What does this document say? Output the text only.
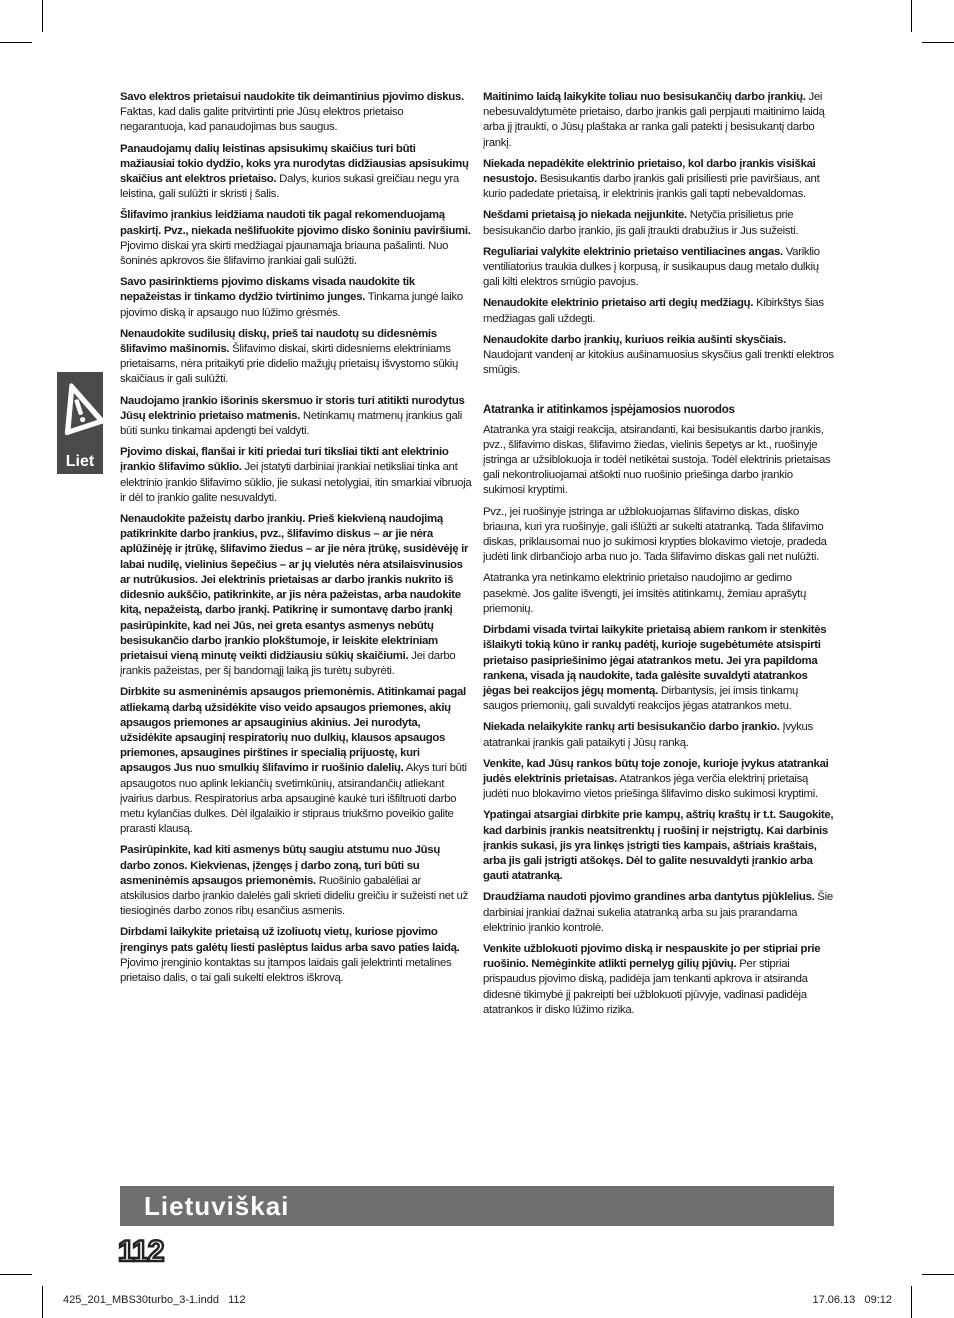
Savo elektros prietaisui naudokite tik deimantinius pjovimo diskus. Faktas, kad dalis galite pritvirtinti prie Jūsų elektros prietaiso negarantuoja, kad panaudojimas bus saugus.

Panaudojamų dalių leistinas apsisukimų skaičius turi būti mažiausiai tokio dydžio, koks yra nurodytas didžiausias apsisukimų skaičius ant elektros prietaiso. Dalys, kurios sukasi greičiau negu yra leistina, gali sulūžti ir skristi į šalis.

Šlifavimo įrankius leidžiama naudoti tik pagal rekomenduojamą paskirtį. Pvz., niekada nešlifuokite pjovimo disko šoniniu paviršiumi. Pjovimo diskai yra skirti medžiagai pjaunamąja briauna pašalinti. Nuo šoninės apkrovos šie šlifavimo įrankiai gali sulūžti.

Savo pasirinktiems pjovimo diskams visada naudokite tik nepažeistas ir tinkamo dydžio tvirtinimo junges. Tinkama jungė laiko pjovimo diską ir apsaugo nuo lūžimo grėsmės.

Nenaudokite sudilusių diskų, prieš tai naudotų su didesnėmis šlifavimo mašinomis. Šlifavimo diskai, skirti didesniems elektriniams prietaisams, nėra pritaikyti prie didelio mažųjų prietaisų išvystomo sūkių skaičiaus ir gali sulūžti.

Naudojamo įrankio išorinis skersmuo ir storis turi atitikti nurodytus Jūsų elektrinio prietaiso matmenis. Netinkamų matmenų įrankius gali būti sunku tinkamai apdengti bei valdyti.

Pjovimo diskai, flanšai ir kiti priedai turi tiksliai tikti ant elektrinio įrankio šlifavimo sūklio. Jei įstatyti darbiniai įrankiai netiksliai tinka ant elektrinio įrankio šlifavimo sūklio, jie sukasi netolygiai, itin smarkiai vibruoja ir dėl to įrankio galite nesuvaldyti.

Nenaudokite pažeistų darbo įrankių. Prieš kiekvieną naudojimą patikrinkite darbo įrankius, pvz., šlifavimo diskus – ar jie nėra aplūžinėję ir įtrūkę, šlifavimo žiedus – ar jie nėra įtrūkę, susidėvėję ir labai nudilę, vielinius šepečius – ar jų vielutės nėra atsilaisvinusios ar nutrūkusios. Jei elektrinis prietaisas ar darbo įrankis nukrito iš didesnio aukščio, patikrinkite, ar jis nėra pažeistas, arba naudokite kitą, nepažeistą, darbo įrankį. Patikrinę ir sumontavę darbo įrankį pasirūpinkite, kad nei Jūs, nei greta esantys asmenys nebūtų besisukančio darbo įrankio plokštumoje, ir leiskite elektriniam prietaisui vieną minutę veikti didžiausiu sūkių skaičiumi. Jei darbo įrankis pažeistas, per šį bandomąjį laiką jis turėtų subyrėti.

Dirbkite su asmeninėmis apsaugos priemonėmis. Atitinkamai pagal atliekamą darbą užsidėkite viso veido apsaugos priemones, akių apsaugos priemones ar apsauginius akinius. Jei nurodyta, užsidėkite apsauginį respiratorių nuo dulkių, klausos apsaugos priemones, apsaugines pirštines ir specialią prijuostę, kuri apsaugos Jus nuo smulkių šlifavimo ir ruošinio dalelių. Akys turi būti apsaugotos nuo aplink lekiančių svetimkūnių, atsirandančių atliekant įvairius darbus. Respiratorius arba apsauginė kaukė turi išfiltruoti darbo metu kylančias dulkes. Dėl ilgalaikio ir stipraus triukšmo poveikio galite prarasti klausą.

Pasirūpinkite, kad kiti asmenys būtų saugiu atstumu nuo Jūsų darbo zonos. Kiekvienas, įžengęs į darbo zoną, turi būti su asmeninėmis apsaugos priemonėmis. Ruošinio gabalėliai ar atskilusios darbo įrankio dalelės gali skrieti dideliu greičiu ir sužeisti net už tiesioginės darbo zonos ribų esančius asmenis.

Dirbdami laikykite prietaisą už izoliuotų vietų, kuriose pjovimo įrenginys pats galėtų liesti paslėptus laidus arba savo paties laidą. Pjovimo įrenginio kontaktas su įtampos laidais gali įelektrinti metalines prietaiso dalis, o tai gali sukelti elektros iškrovą.

Maitinimo laidą laikykite toliau nuo besisukančių darbo įrankių. Jei nebesuvaldytumėte prietaiso, darbo įrankis gali perpjauti maitinimo laidą arba jį įtraukti, o Jūsų plaštaka ar ranka gali patekti į besisukantį darbo įrankį.

Niekada nepadėkite elektrinio prietaiso, kol darbo įrankis visiškai nesustojo. Besisukantis darbo įrankis gali prisiliesti prie paviršiaus, ant kurio padedate prietaisą, ir elektrinis įrankis gali tapti nebevaldomas.

Nešdami prietaisą jo niekada neįjunkite. Netyčia prisilietus prie besisukančio darbo įrankio, jis gali įtraukti drabužius ir Jus sužeisti.

Reguliariai valykite elektrinio prietaiso ventiliacines angas. Variklio ventiliatorius traukia dulkes į korpusą, ir susikaupus daug metalo dulkių gali kilti elektros smūgio pavojus.

Nenaudokite elektrinio prietaiso arti degių medžiagų. Kibirkštys šias medžiagas gali uždegti.

Nenaudokite darbo įrankių, kuriuos reikia aušinti skysčiais. Naudojant vandenį ar kitokius aušinamuosius skysčius gali trenkti elektros smūgis.

Atatranka ir atitinkamos įspėjamosios nuorodos

Atatranka yra staigi reakcija, atsirandanti, kai besisukantis darbo įrankis, pvz., šlifavimo diskas, šlifavimo žiedas, vielinis šepetys ar kt., ruošinyje įstringa ar užsiblokuoja ir todėl netikėtai sustoja. Todėl elektrinis prietaisas gali nekontroliuojamai atšokti nuo ruošinio priešinga darbo įrankio sukimosi kryptimi.

Pvz., jei ruošinyje įstringa ar užblokuojamas šlifavimo diskas, disko briauna, kuri yra ruošinyje, gali išlūžti ar sukelti atatranką. Tada šlifavimo diskas, priklausomai nuo jo sukimosi krypties blokavimo vietoje, pradeda judėti link dirbančiojo arba nuo jo. Tada šlifavimo diskas gali net nulūžti.

Atatranka yra netinkamo elektrinio prietaiso naudojimo ar gedimo pasekmė. Jos galite išvengti, jei imsitės atitinkamų, žemiau aprašytų priemonių.

Dirbdami visada tvirtai laikykite prietaisą abiem rankom ir stenkitės išlaikyti tokią kūno ir rankų padėtį, kurioje sugebėtumėte atsispirti prietaiso pasipriešinimo jėgai atatrankos metu. Jei yra papildoma rankena, visada ją naudokite, tada galėsite suvaldyti atatrankos jėgas bei reakcijos jėgų momentą. Dirbantysis, jei imsis tinkamų saugos priemonių, gali suvaldyti reakcijos jėgas atatrankos metu.

Niekada nelaikykite rankų arti besisukančio darbo įrankio. Įvykus atatrankai įrankis gali pataikyti į Jūsų ranką.

Venkite, kad Jūsų rankos būtų toje zonoje, kurioje įvykus atatrankai judės elektrinis prietaisas. Atatrankos jėga verčia elektrinį prietaisą judėti nuo blokavimo vietos priešinga šlifavimo disko sukimosi kryptimi.

Ypatingai atsargiai dirbkite prie kampų, aštrių kraštų ir t.t. Saugokite, kad darbinis įrankis neatsitrenktų į ruošinį ir neįstrigtų. Kai darbinis įrankis sukasi, jis yra linkęs įstrigti ties kampais, aštriais kraštais, arba jis gali įstrigti atšokęs. Dėl to galite nesuvaldyti įrankio arba gauti atatranką.

Draudžiama naudoti pjovimo grandines arba dantytus pjūklelius. Šie darbiniai įrankiai dažnai sukelia atatranką arba su jais prarandama elektrinio įrankio kontrolė.

Venkite užblokuoti pjovimo diską ir nespauskite jo per stipriai prie ruošinio. Nemėginkite atlikti pernelyg gilių pjūvių. Per stipriai prispaudus pjovimo diską, padidėja jam tenkanti apkrova ir atsiranda didesnė tikimybė jį pakreipti bei užblokuoti pjūvyje, vadinasi padidėja atatrankos ir disko lūžimo rizika.

Liet
Lietuviškai
112
425_201_MBS30turbo_3-1.indd   112	17.06.13   09:12
